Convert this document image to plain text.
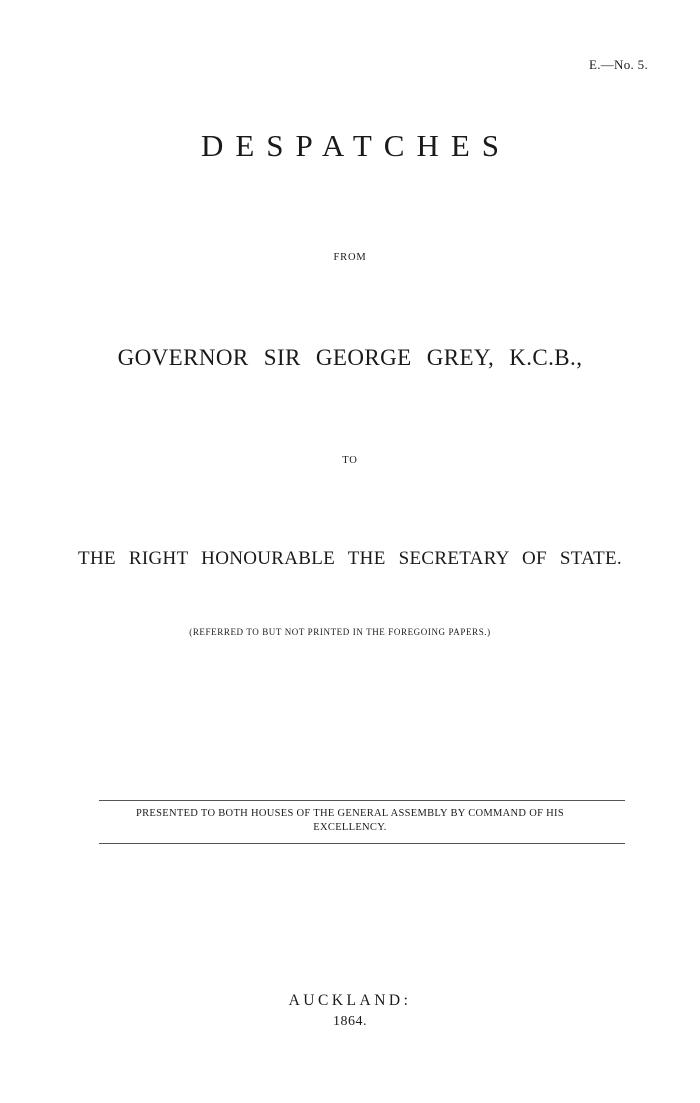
E.—No. 5.
DESPATCHES
FROM
GOVERNOR SIR GEORGE GREY, K.C.B.,
TO
THE RIGHT HONOURABLE THE SECRETARY OF STATE.
(REFERRED TO BUT NOT PRINTED IN THE FOREGOING PAPERS.)
PRESENTED TO BOTH HOUSES OF THE GENERAL ASSEMBLY BY COMMAND OF HIS
EXCELLENCY.
AUCKLAND:
1864.
